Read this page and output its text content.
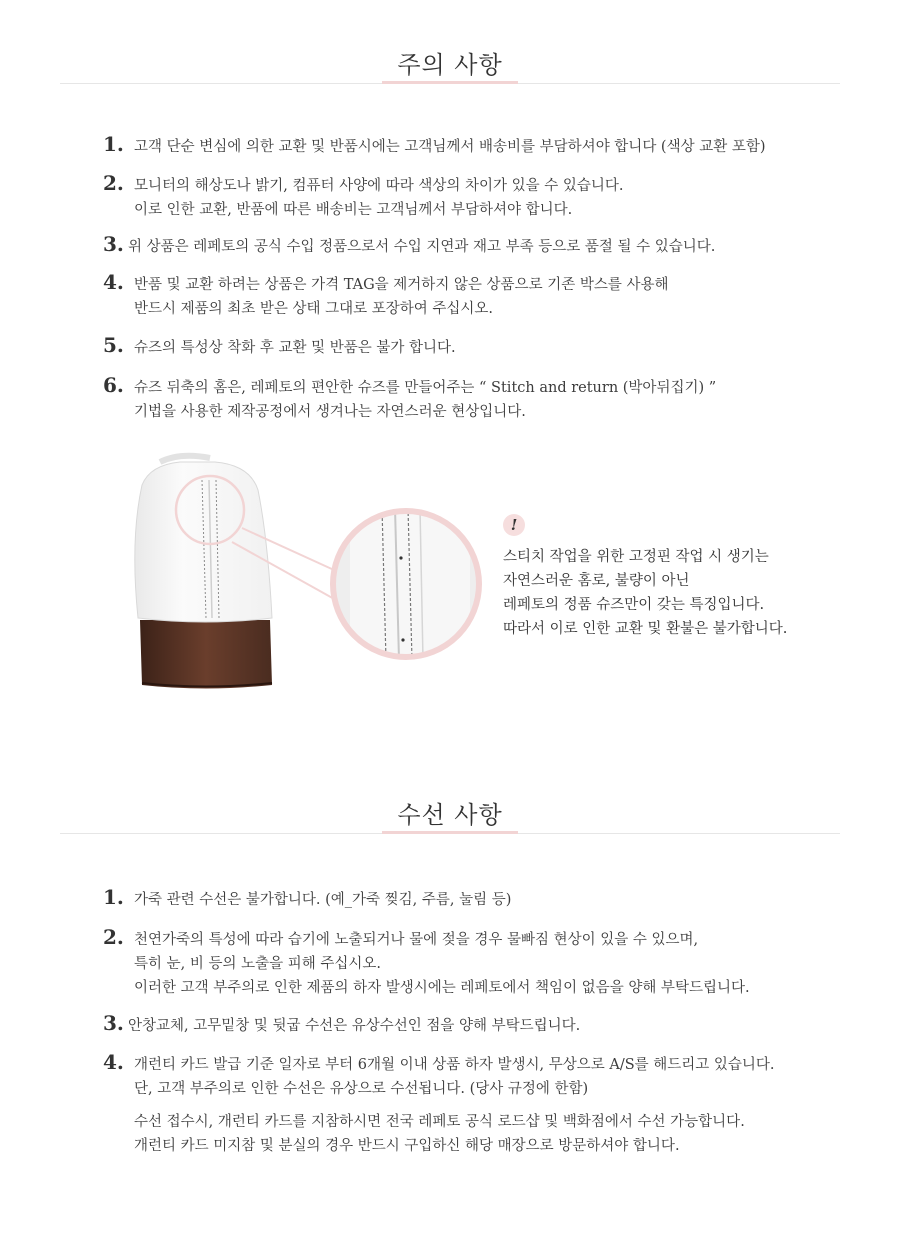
주의 사항
1. 고객 단순 변심에 의한 교환 및 반품시에는 고객님께서 배송비를 부담하셔야 합니다 (색상 교환 포함)
2. 모니터의 해상도나 밝기, 컴퓨터 사양에 따라 색상의 차이가 있을 수 있습니다.
이로 인한 교환, 반품에 따른 배송비는 고객님께서 부담하셔야 합니다.
3. 위 상품은 레페토의 공식 수입 정품으로서 수입 지연과 재고 부족 등으로 품절 될 수 있습니다.
4. 반품 및 교환 하려는 상품은 가격 TAG을 제거하지 않은 상품으로 기존 박스를 사용해
반드시 제품의 최초 받은 상태 그대로 포장하여 주십시오.
5. 슈즈의 특성상 착화 후 교환 및 반품은 불가 합니다.
6. 슈즈 뒤축의 홈은, 레페토의 편안한 슈즈를 만들어주는 “ Stitch and return (박아뒤집기) ”
기법을 사용한 제작공정에서 생겨나는 자연스러운 현상입니다.
!
스티치 작업을 위한 고정핀 작업 시 생기는
자연스러운 홈로, 불량이 아닌
레페토의 정품 슈즈만이 갖는 특징입니다.
따라서 이로 인한 교환 및 환불은 불가합니다.
수선 사항
1. 가죽 관련 수선은 불가합니다. (예_가죽 찢김, 주름, 눌림 등)
2. 천연가죽의 특성에 따라 습기에 노출되거나 물에 젖을 경우 물빠짐 현상이 있을 수 있으며,
특히 눈, 비 등의 노출을 피해 주십시오.
이러한 고객 부주의로 인한 제품의 하자 발생시에는 레페토에서 책임이 없음을 양해 부탁드립니다.
3. 안창교체, 고무밑창 및 뒷굽 수선은 유상수선인 점을 양해 부탁드립니다.
4. 개런티 카드 발급 기준 일자로 부터 6개월 이내 상품 하자 발생시, 무상으로 A/S를 해드리고 있습니다.
단, 고객 부주의로 인한 수선은 유상으로 수선됩니다. (당사 규정에 한함)
수선 접수시, 개런티 카드를 지참하시면 전국 레페토 공식 로드샵 및 백화점에서 수선 가능합니다.
개런티 카드 미지참 및 분실의 경우 반드시 구입하신 해당 매장으로 방문하셔야 합니다.
